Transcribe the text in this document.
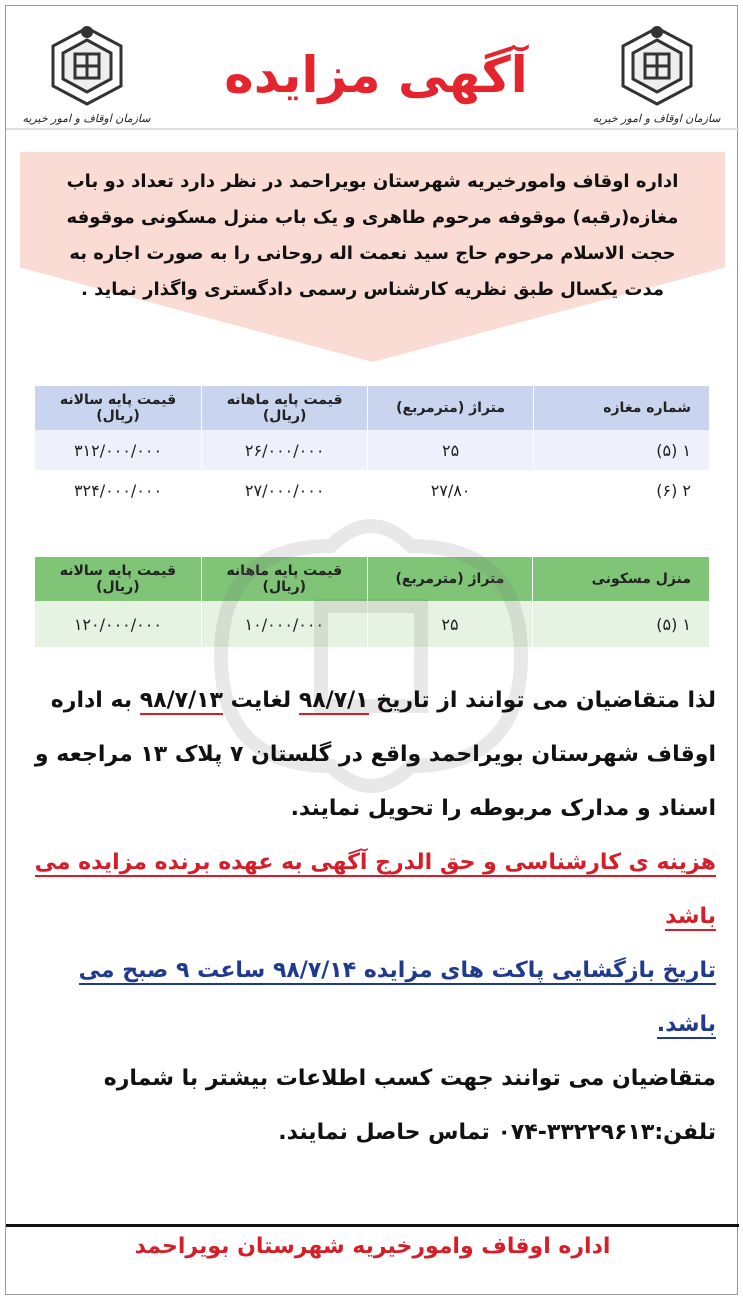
سازمان اوقاف و امور خیریه	سازمان اوقاف و امور خیریه
آگهی مزایده
اداره اوقاف وامورخیریه شهرستان بویراحمد در نظر دارد تعداد دو باب مغازه(رقبه) موقوفه مرحوم طاهری و یک باب منزل مسکونی موقوفه حجت الاسلام مرحوم حاج سید نعمت اله روحانی را به صورت اجاره به مدت یکسال طبق نظریه کارشناس رسمی دادگستری واگذار نماید .
شماره مغازه	متراژ (مترمربع)	قیمت پایه ماهانه (ریال)	قیمت پایه سالانه (ریال)
۱ (۵)	۲۵	۲۶/۰۰۰/۰۰۰	۳۱۲/۰۰۰/۰۰۰
۲ (۶)	۲۷/۸۰	۲۷/۰۰۰/۰۰۰	۳۲۴/۰۰۰/۰۰۰
منزل مسکونی	متراژ (مترمربع)	قیمت پایه ماهانه (ریال)	قیمت پایه سالانه (ریال)
۱ (۵)	۲۵	۱۰/۰۰۰/۰۰۰	۱۲۰/۰۰۰/۰۰۰

لذا متقاضیان می توانند از تاریخ ۹۸/۷/۱ لغایت ۹۸/۷/۱۳ به اداره اوقاف شهرستان بویراحمد واقع در گلستان ۷ پلاک ۱۳ مراجعه و اسناد و مدارک مربوطه را تحویل نمایند.

هزینه ی کارشناسی و حق الدرج آگهی به عهده برنده مزایده می باشد

تاریخ بازگشایی پاکت های مزایده ۹۸/۷/۱۴ ساعت ۹ صبح می باشد.

متقاضیان می توانند جهت کسب اطلاعات بیشتر با شماره تلفن:۳۳۲۲۹۶۱۳-۰۷۴ تماس حاصل نمایند.

اداره اوقاف وامورخیریه شهرستان بویراحمد
